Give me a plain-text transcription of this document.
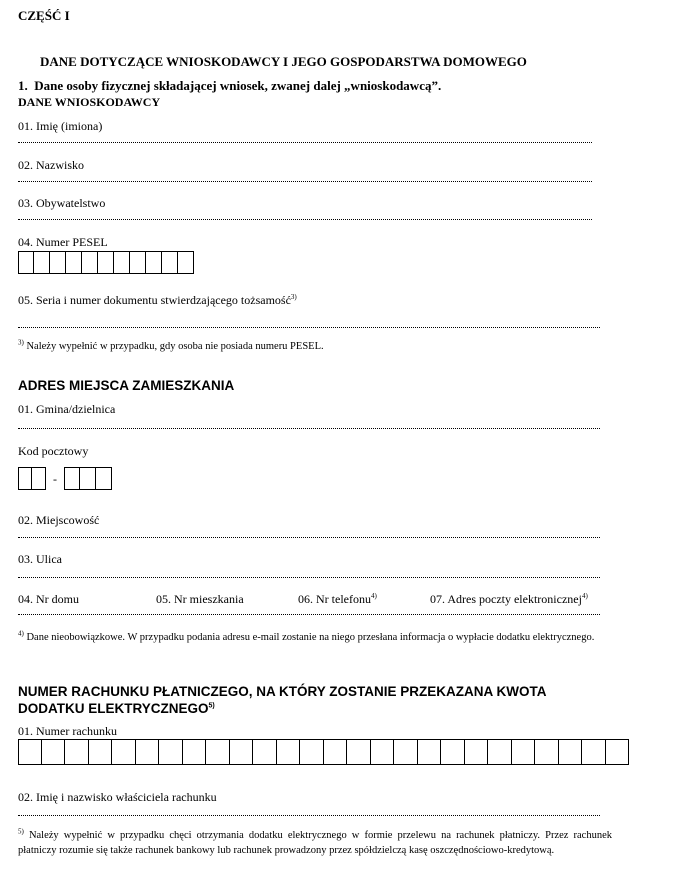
CZĘŚĆ I
DANE DOTYCZĄCE WNIOSKODAWCY I JEGO GOSPODARSTWA DOMOWEGO
1. Dane osoby fizycznej składającej wniosek, zwanej dalej „wnioskodawcą”.
DANE WNIOSKODAWCY
01. Imię (imiona)
02. Nazwisko
03. Obywatelstwo
04. Numer PESEL
05. Seria i numer dokumentu stwierdzającego tożsamość$^{3)}$
$^{3)}$ Należy wypełnić w przypadku, gdy osoba nie posiada numeru PESEL.
ADRES MIEJSCA ZAMIESZKANIA
01. Gmina/dzielnica
Kod pocztowy
-
02. Miejscowość
03. Ulica
04. Nr domu	05. Nr mieszkania	06. Nr telefonu$^{4)}$	07. Adres poczty elektronicznej$^{4)}$
$^{4)}$ Dane nieobowiązkowe. W przypadku podania adresu e-mail zostanie na niego przesłana informacja o wypłacie dodatku elektrycznego.
NUMER RACHUNKU PŁATNICZEGO, NA KTÓRY ZOSTANIE PRZEKAZANA KWOTA
DODATKU ELEKTRYCZNEGO$^{5)}$
01. Numer rachunku
02. Imię i nazwisko właściciela rachunku
$^{5)}$ Należy wypełnić w przypadku chęci otrzymania dodatku elektrycznego w formie przelewu na rachunek płatniczy. Przez rachunek płatniczy rozumie się także rachunek bankowy lub rachunek prowadzony przez spółdzielczą kasę oszczędnościowo-kredytową.
